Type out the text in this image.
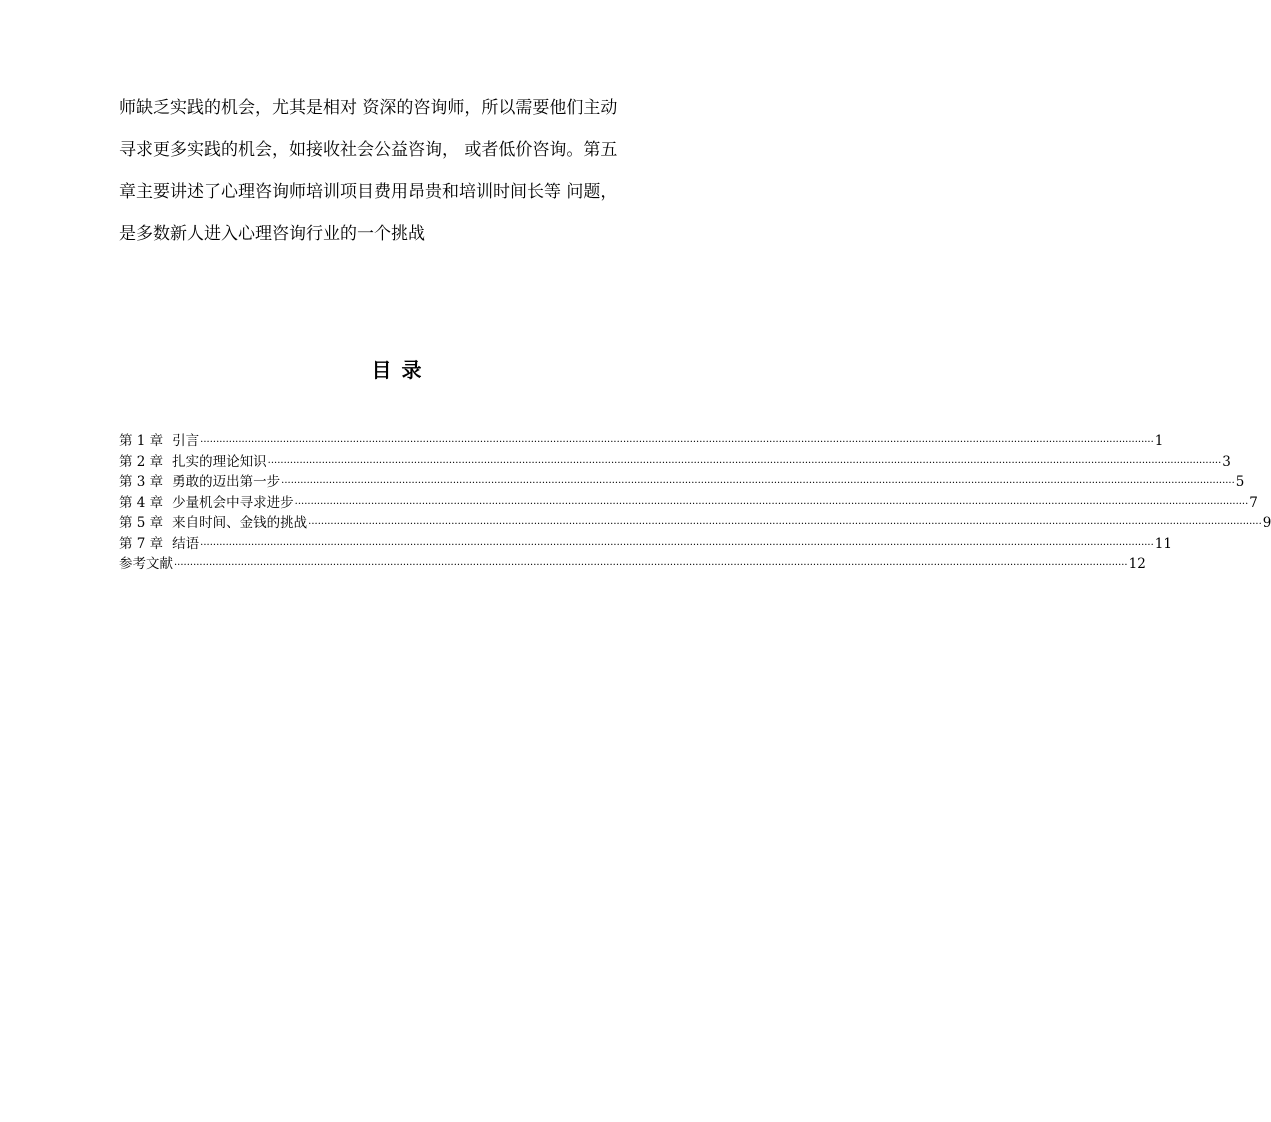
师缺乏实践的机会，尤其是相对 资深的咨询师，所以需要他们主动
寻求更多实践的机会，如接收社会公益咨询， 或者低价咨询。第五
章主要讲述了心理咨询师培训项目费用昂贵和培训时间长等 问题，
是多数新人进入心理咨询行业的一个挑战
目录
第 1 章 引言 ············································································································································································································································································································ 1
第 2 章 扎实的理论知识 ············································································································································································································································································································ 3
第 3 章 勇敢的迈出第一步 ············································································································································································································································································································ 5
第 4 章 少量机会中寻求进步 ············································································································································································································································································································ 7
第 5 章 来自时间、金钱的挑战 ············································································································································································································································································································ 9
第 7 章 结语 ············································································································································································································································································································ 11
参考文献 ············································································································································································································································································································ 12
